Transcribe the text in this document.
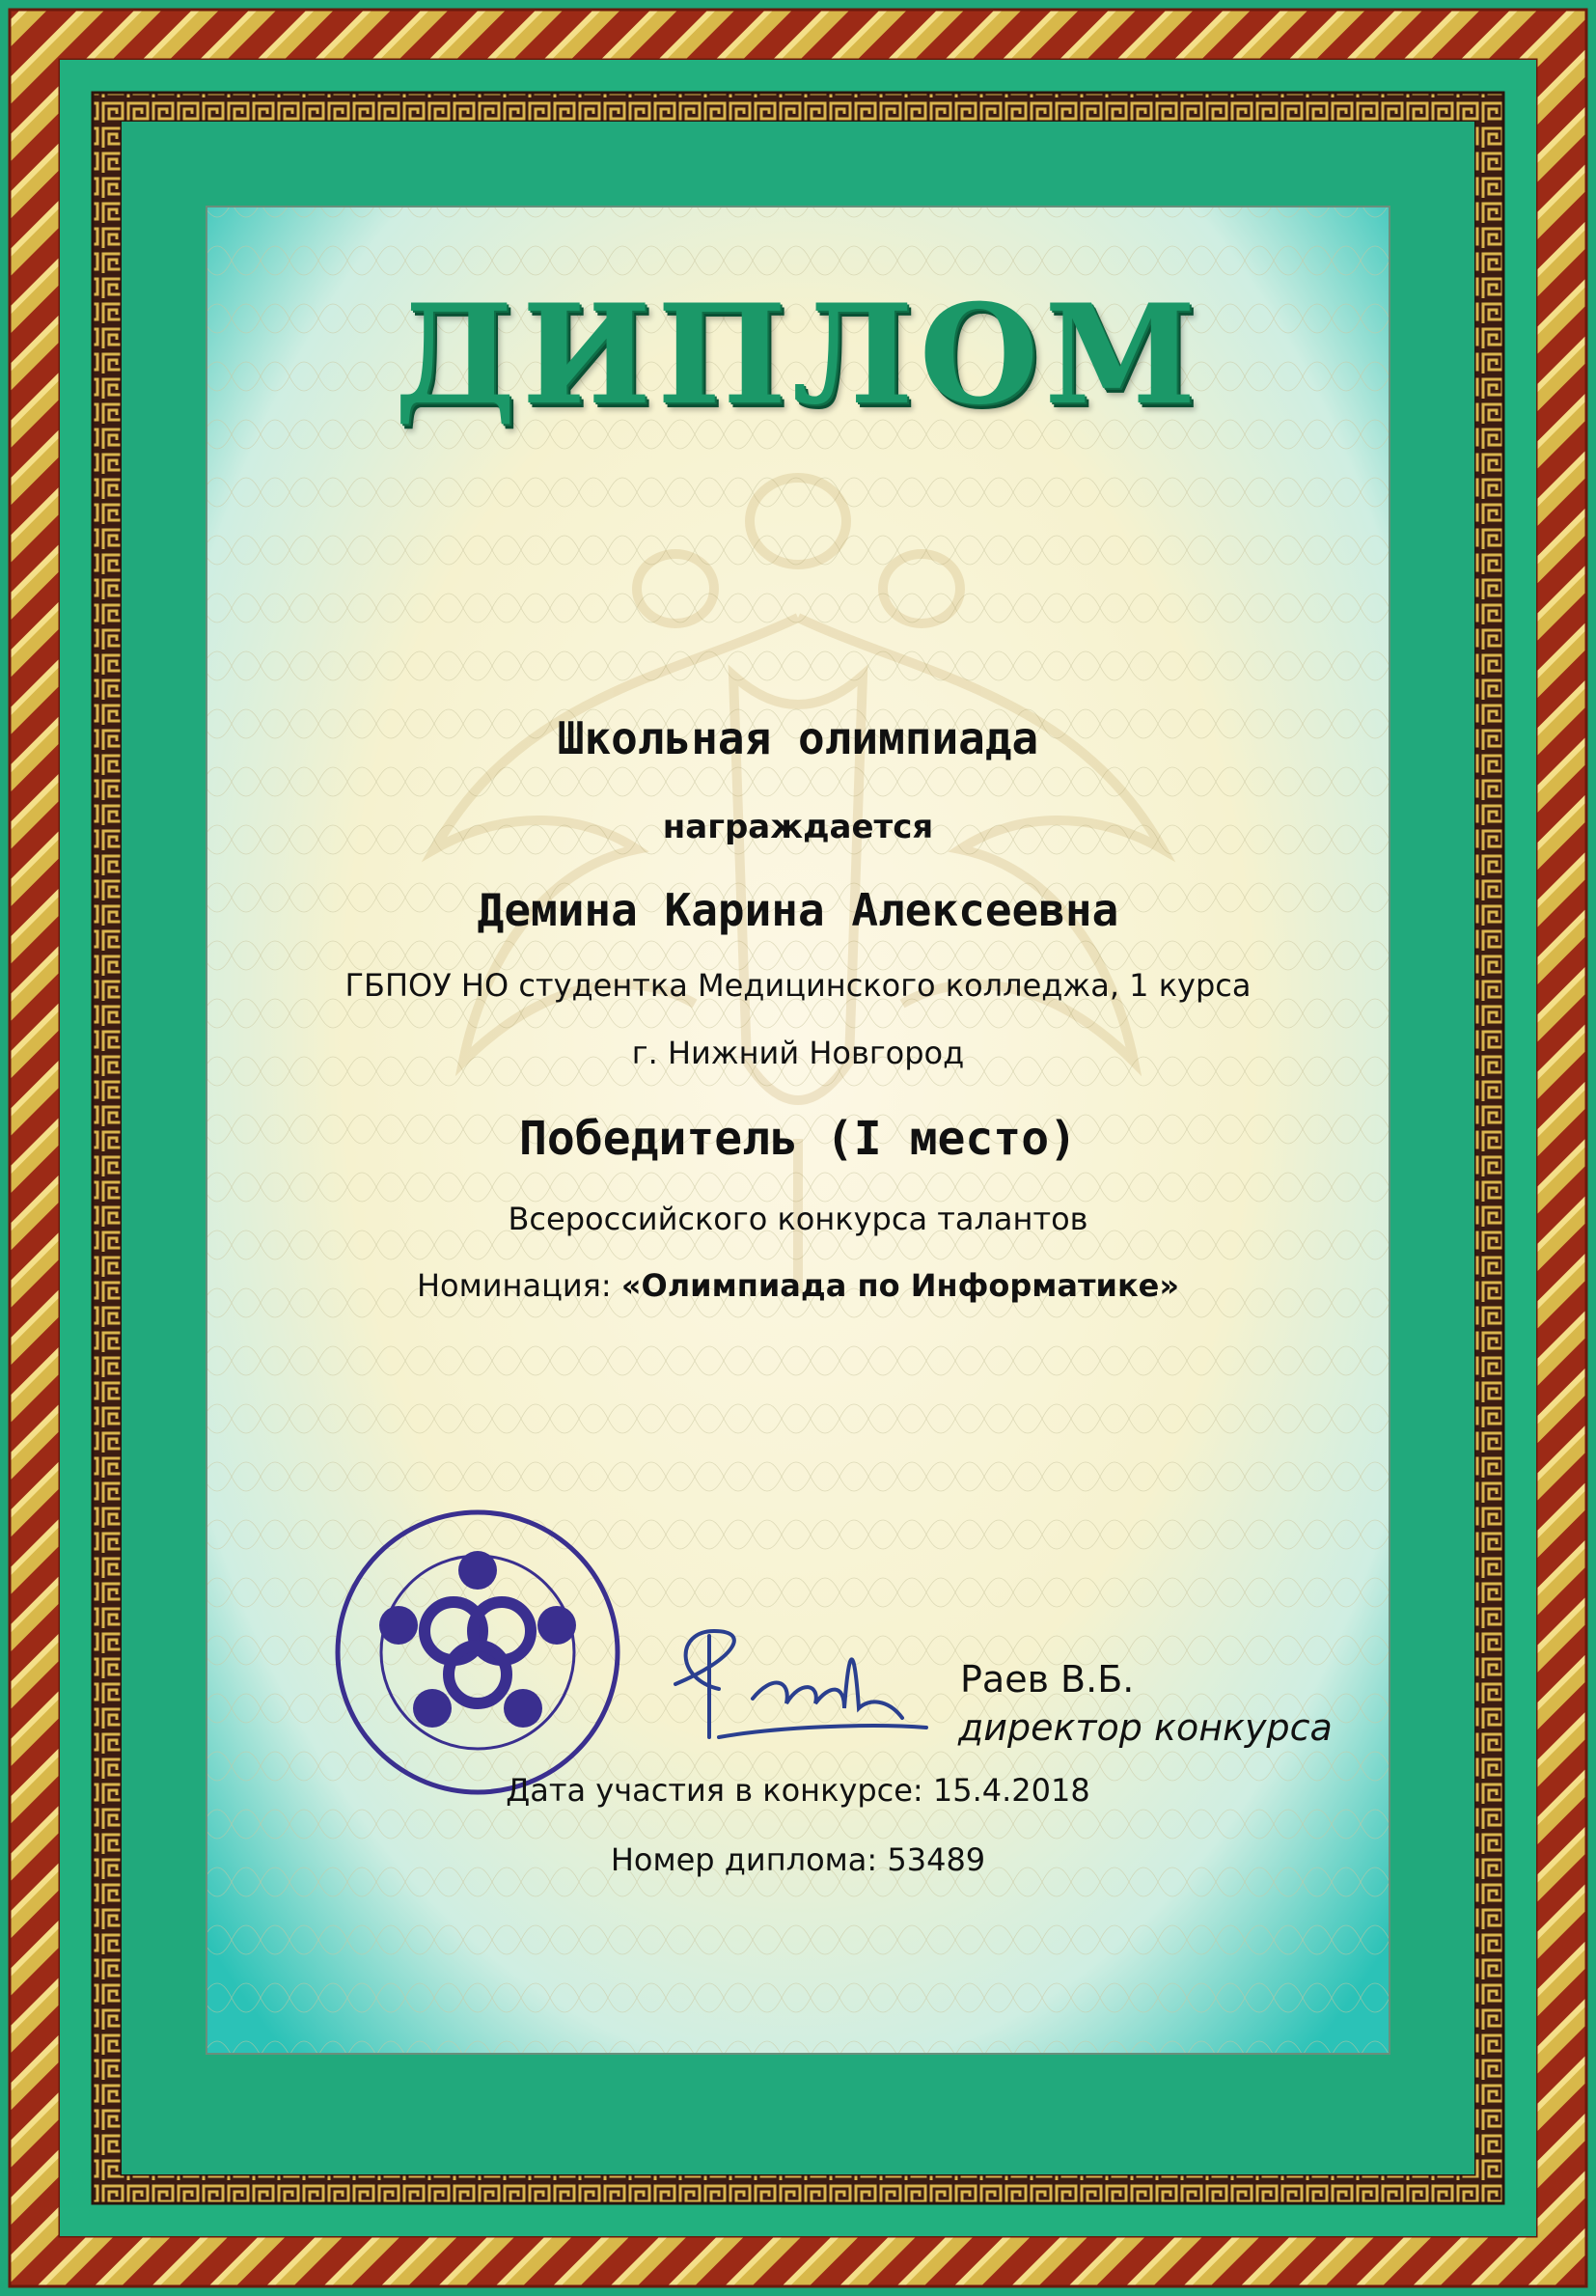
ДИПЛОМ
Школьная олимпиада
награждается
Демина Карина Алексеевна
ГБПОУ НО студентка Медицинского колледжа, 1 курса
г. Нижний Новгород
Победитель (I место)
Всероссийского конкурса талантов
Номинация: «Олимпиада по Информатике»
Раев В.Б.
директор конкурса
Дата участия в конкурсе: 15.4.2018
Номер диплома: 53489
